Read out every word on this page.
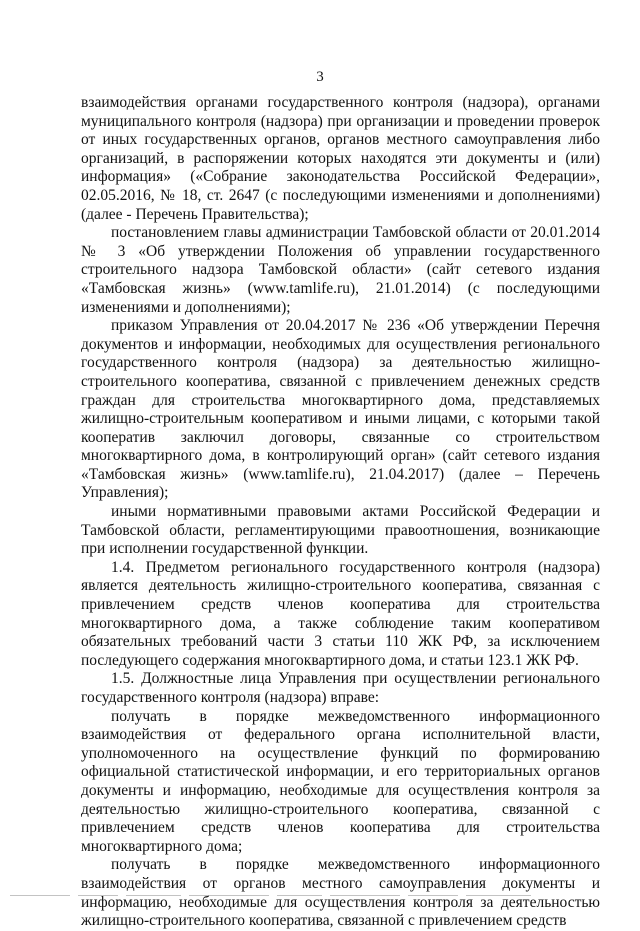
3

взаимодействия органами государственного контроля (надзора), органами муниципального контроля (надзора) при организации и проведении проверок от иных государственных органов, органов местного самоуправления либо организаций, в распоряжении которых находятся эти документы и (или) информация» («Собрание законодательства Российской Федерации», 02.05.2016, № 18, ст. 2647 (с последующими изменениями и дополнениями) (далее - Перечень Правительства);

постановлением главы администрации Тамбовской области от 20.01.2014 № 3 «Об утверждении Положения об управлении государственного строительного надзора Тамбовской области» (сайт сетевого издания «Тамбовская жизнь» (www.tamlife.ru), 21.01.2014) (с последующими изменениями и дополнениями);

приказом Управления от 20.04.2017 № 236 «Об утверждении Перечня документов и информации, необходимых для осуществления регионального государственного контроля (надзора) за деятельностью жилищно-строительного кооператива, связанной с привлечением денежных средств граждан для строительства многоквартирного дома, представляемых жилищно-строительным кооперативом и иными лицами, с которыми такой кооператив заключил договоры, связанные со строительством многоквартирного дома, в контролирующий орган» (сайт сетевого издания «Тамбовская жизнь» (www.tamlife.ru), 21.04.2017) (далее – Перечень Управления);

иными нормативными правовыми актами Российской Федерации и Тамбовской области, регламентирующими правоотношения, возникающие при исполнении государственной функции.

1.4. Предметом регионального государственного контроля (надзора) является деятельность жилищно-строительного кооператива, связанная с привлечением средств членов кооператива для строительства многоквартирного дома, а также соблюдение таким кооперативом обязательных требований части 3 статьи 110 ЖК РФ, за исключением последующего содержания многоквартирного дома, и статьи 123.1 ЖК РФ.

1.5. Должностные лица Управления при осуществлении регионального государственного контроля (надзора) вправе:

получать в порядке межведомственного информационного взаимодействия от федерального органа исполнительной власти, уполномоченного на осуществление функций по формированию официальной статистической информации, и его территориальных органов документы и информацию, необходимые для осуществления контроля за деятельностью жилищно-строительного кооператива, связанной с привлечением средств членов кооператива для строительства многоквартирного дома;

получать в порядке межведомственного информационного взаимодействия от органов местного самоуправления документы и информацию, необходимые для осуществления контроля за деятельностью жилищно-строительного кооператива, связанной с привлечением средств
